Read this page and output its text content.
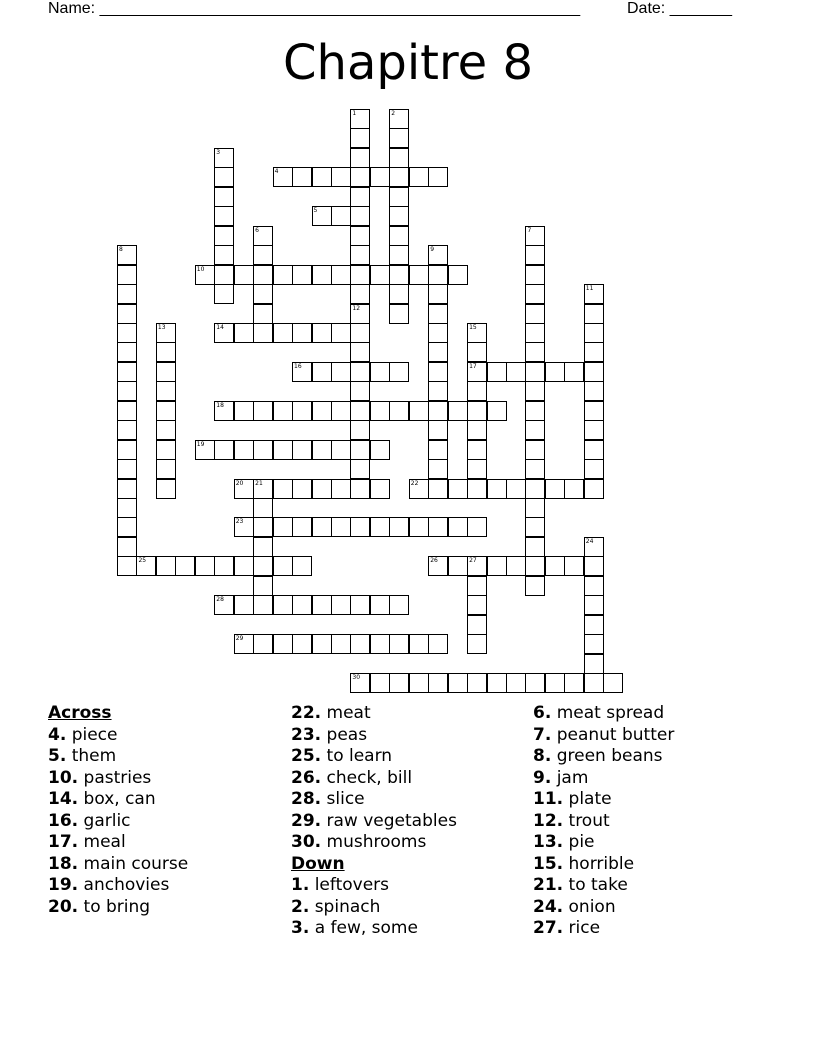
Name: ______________________________________________________	Date: _______
Chapitre 8
1	2
3
4
5
6	7
8	9
10
11
12
13	14	15
17
16
18
19
20 21	22
23
24
25	26	27
28
29
30
Across
4. piece
5. them
10. pastries
14. box, can
16. garlic
17. meal
18. main course
19. anchovies
20. to bring
22. meat
23. peas
25. to learn
26. check, bill
28. slice
29. raw vegetables
30. mushrooms
Down
1. leftovers
2. spinach
3. a few, some
6. meat spread
7. peanut butter
8. green beans
9. jam
11. plate
12. trout
13. pie
15. horrible
21. to take
24. onion
27. rice
